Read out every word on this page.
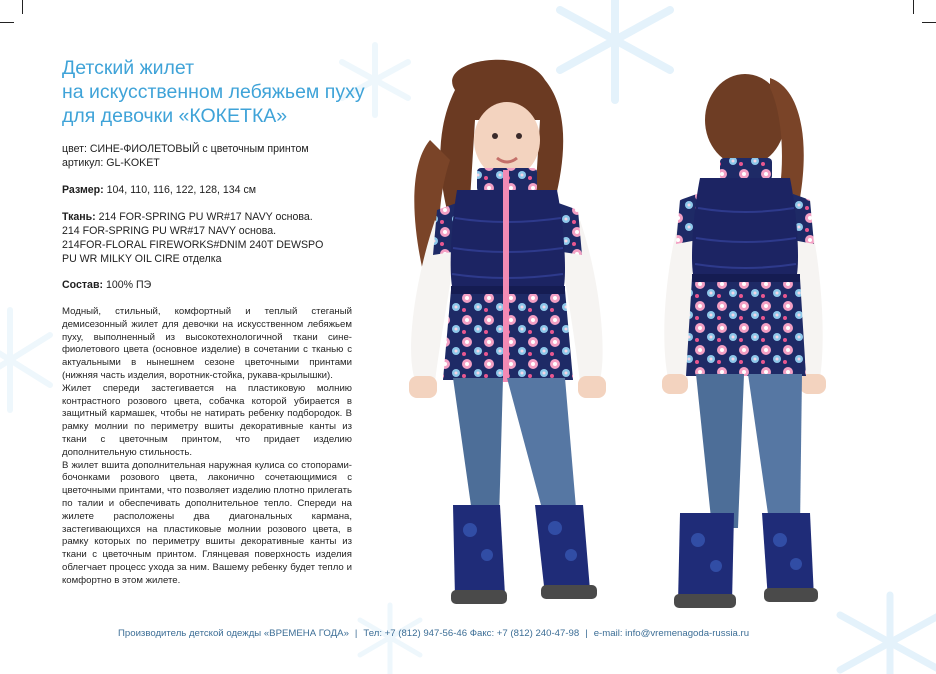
Детский жилет
на искусственном лебяжьем пуху
для девочки «КОКЕТКА»
цвет: СИНЕ-ФИОЛЕТОВЫЙ с цветочным принтом
артикул: GL-KOKET
Размер: 104, 110, 116, 122, 128, 134 см
Ткань: 214 FOR-SPRING PU WR#17 NAVY основа.
214 FOR-SPRING PU WR#17 NAVY основа.
214FOR-FLORAL FIREWORKS#DNIM 240T DEWSPO
PU WR MILKY OIL CIRE отделка
Состав: 100% ПЭ

Модный, стильный, комфортный и теплый стеганый демисезонный жилет для девочки на искусственном лебяжьем пуху, выполненный из высокотехнологичной ткани сине-фиолетового цвета (основное изделие) в сочетании с тканью с актуальными в нынешнем сезоне цветочными принтами (нижняя часть изделия, воротник-стойка, рукава-крылышки).

Жилет спереди застегивается на пластиковую молнию контрастного розового цвета, собачка которой убирается в защитный кармашек, чтобы не натирать ребенку подбородок. В рамку молнии по периметру вшиты декоративные канты из ткани с цветочным принтом, что придает изделию дополнительную стильность.

В жилет вшита дополнительная наружная кулиса со стопорами-бочонками розового цвета, лаконично сочетающимися с цветочными принтами, что позволяет изделию плотно прилегать по талии и обеспечивать дополнительное тепло. Спереди на жилете расположены два диагональных кармана, застегивающихся на пластиковые молнии розового цвета, в рамку которых по периметру вшиты декоративные канты из ткани с цветочным принтом. Глянцевая поверхность изделия облегчает процесс ухода за ним. Вашему ребенку будет тепло и комфортно в этом жилете.

Производитель детской одежды «ВРЕМЕНА ГОДА» | Тел: +7 (812) 947-56-46 Факс: +7 (812) 240-47-98 | e-mail: info@vremenagoda-russia.ru
